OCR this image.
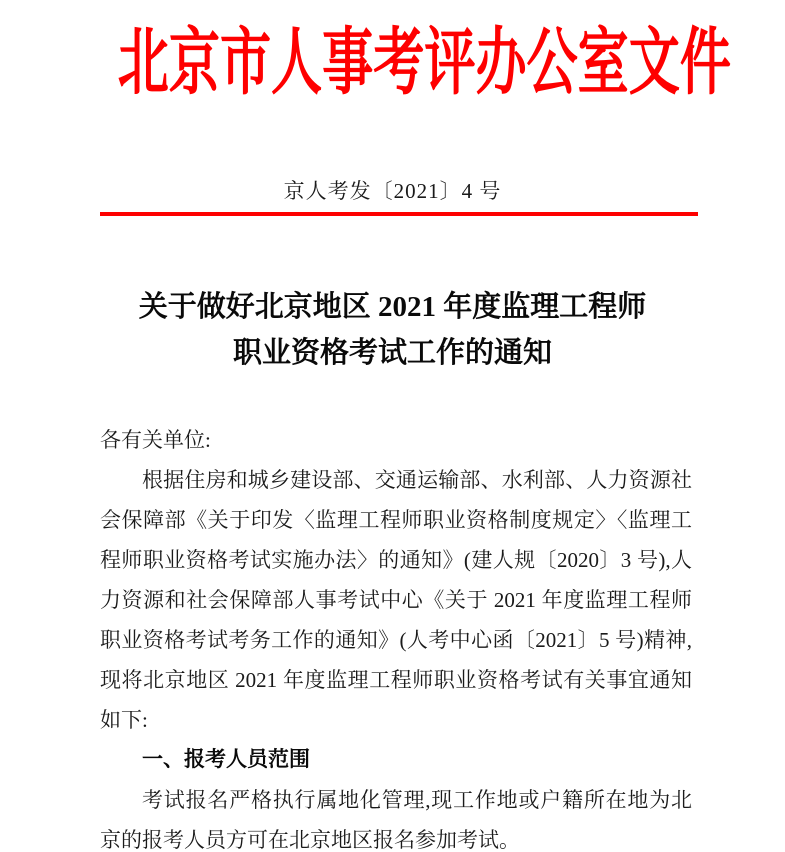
北京市人事考评办公室文件
京人考发〔2021〕4 号
关于做好北京地区 2021 年度监理工程师
职业资格考试工作的通知

各有关单位:

根据住房和城乡建设部、交通运输部、水利部、人力资源社会保障部《关于印发〈监理工程师职业资格制度规定〉〈监理工程师职业资格考试实施办法〉的通知》(建人规〔2020〕3 号),人力资源和社会保障部人事考试中心《关于 2021 年度监理工程师职业资格考试考务工作的通知》(人考中心函〔2021〕5 号)精神,现将北京地区 2021 年度监理工程师职业资格考试有关事宜通知如下:

一、报考人员范围

考试报名严格执行属地化管理,现工作地或户籍所在地为北京的报考人员方可在北京地区报名参加考试。
